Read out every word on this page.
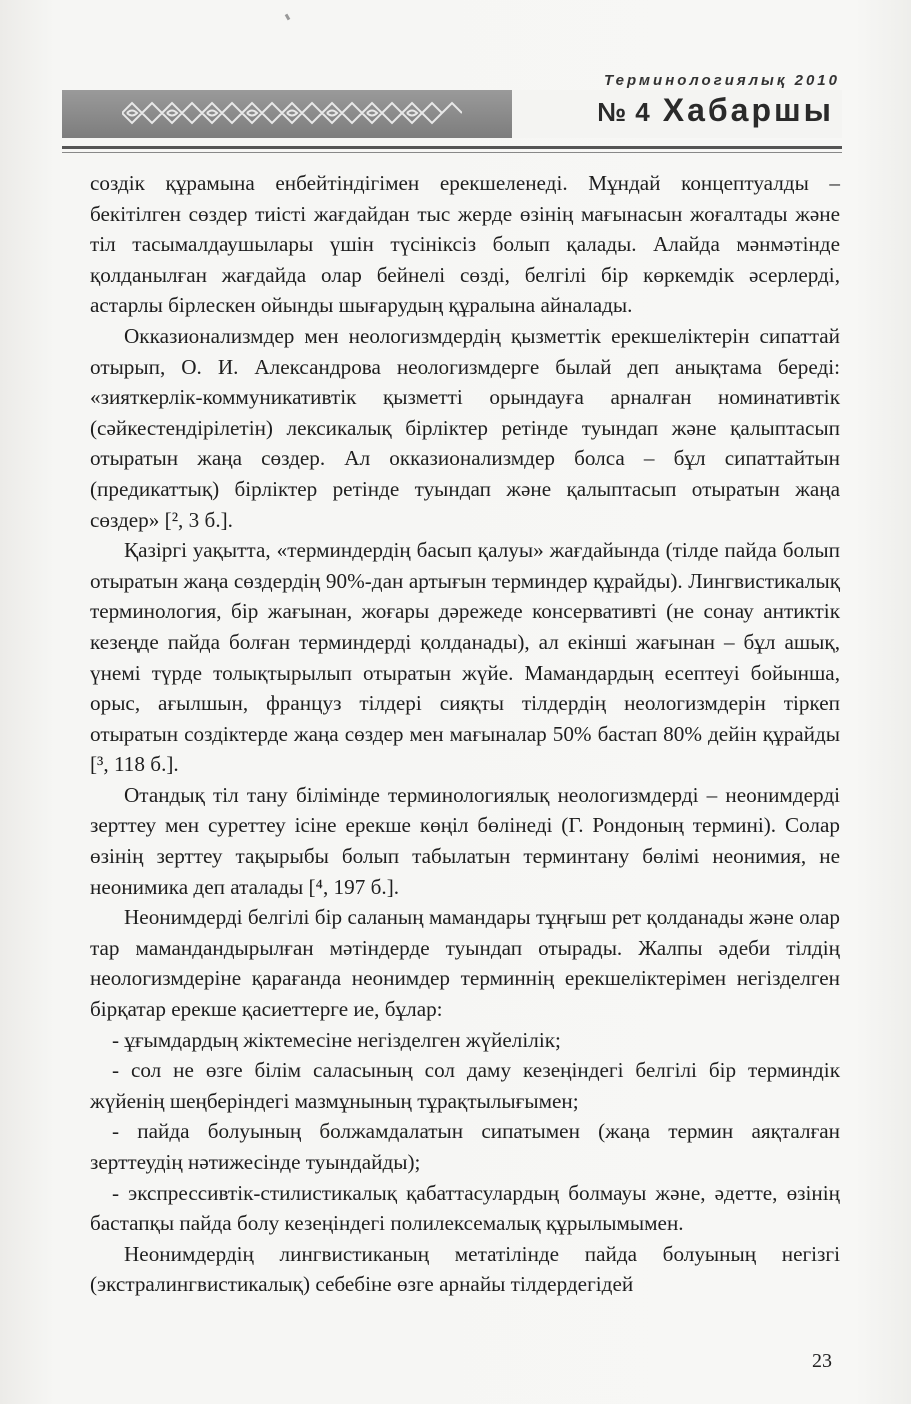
Терминологиялық 2010
№ 4 Хабаршы

создік құрамына енбейтіндігімен ерекшеленеді. Мұндай концептуалды – бекітілген сөздер тиісті жағдайдан тыс жерде өзінің мағынасын жоғалтады және тіл тасымалдаушылары үшін түсініксіз болып қалады. Алайда мәнмәтінде қолданылған жағдайда олар бейнелі сөзді, белгілі бір көркемдік әсерлерді, астарлы бірлескен ойынды шығарудың құралына айналады.

Окказионализмдер мен неологизмдердің қызметтік ерекшеліктерін сипаттай отырып, О. И. Александрова неологизмдерге былай деп анықтама береді: «зияткерлік-коммуникативтік қызметті орындауға арналған номинативтік (сәйкестендірілетін) лексикалық бірліктер ретінде туындап және қалыптасып отыратын жаңа сөздер. Ал окказионализмдер болса – бұл сипаттайтын (предикаттық) бірліктер ретінде туындап және қалыптасып отыратын жаңа сөздер» [², 3 б.].

Қазіргі уақытта, «терминдердің басып қалуы» жағдайында (тілде пайда болып отыратын жаңа сөздердің 90%-дан артығын терминдер құрайды). Лингвистикалық терминология, бір жағынан, жоғары дәрежеде консервативті (не сонау антиктік кезеңде пайда болған терминдерді қолданады), ал екінші жағынан – бұл ашық, үнемі түрде толықтырылып отыратын жүйе. Мамандардың есептеуі бойынша, орыс, ағылшын, француз тілдері сияқты тілдердің неологизмдерін тіркеп отыратын создіктерде жаңа сөздер мен мағыналар 50% бастап 80% дейін құрайды [³, 118 б.].

Отандық тіл тану білімінде терминологиялық неологизмдерді – неонимдерді зерттеу мен суреттеу ісіне ерекше көңіл бөлінеді (Г. Рондоның термині). Солар өзінің зерттеу тақырыбы болып табылатын терминтану бөлімі неонимия, не неонимика деп аталады [⁴, 197 б.].

Неонимдерді белгілі бір саланың мамандары тұңғыш рет қолданады және олар тар мамандандырылған мәтіндерде туындап отырады. Жалпы әдеби тілдің неологизмдеріне қарағанда неонимдер терминнің ерекшеліктерімен негізделген бірқатар ерекше қасиеттерге ие, бұлар:

- ұғымдардың жіктемесіне негізделген жүйелілік;

- сол не өзге білім саласының сол даму кезеңіндегі белгілі бір терминдік жүйенің шеңберіндегі мазмұнының тұрақтылығымен;

- пайда болуының болжамдалатын сипатымен (жаңа термин аяқталған зерттеудің нәтижесінде туындайды);

- экспрессивтік-стилистикалық қабаттасулардың болмауы және, әдетте, өзінің бастапқы пайда болу кезеңіндегі полилексемалық құрылымымен.

Неонимдердің лингвистиканың метатілінде пайда болуының негізгі (экстралингвистикалық) себебіне өзге арнайы тілдердегідей

23
